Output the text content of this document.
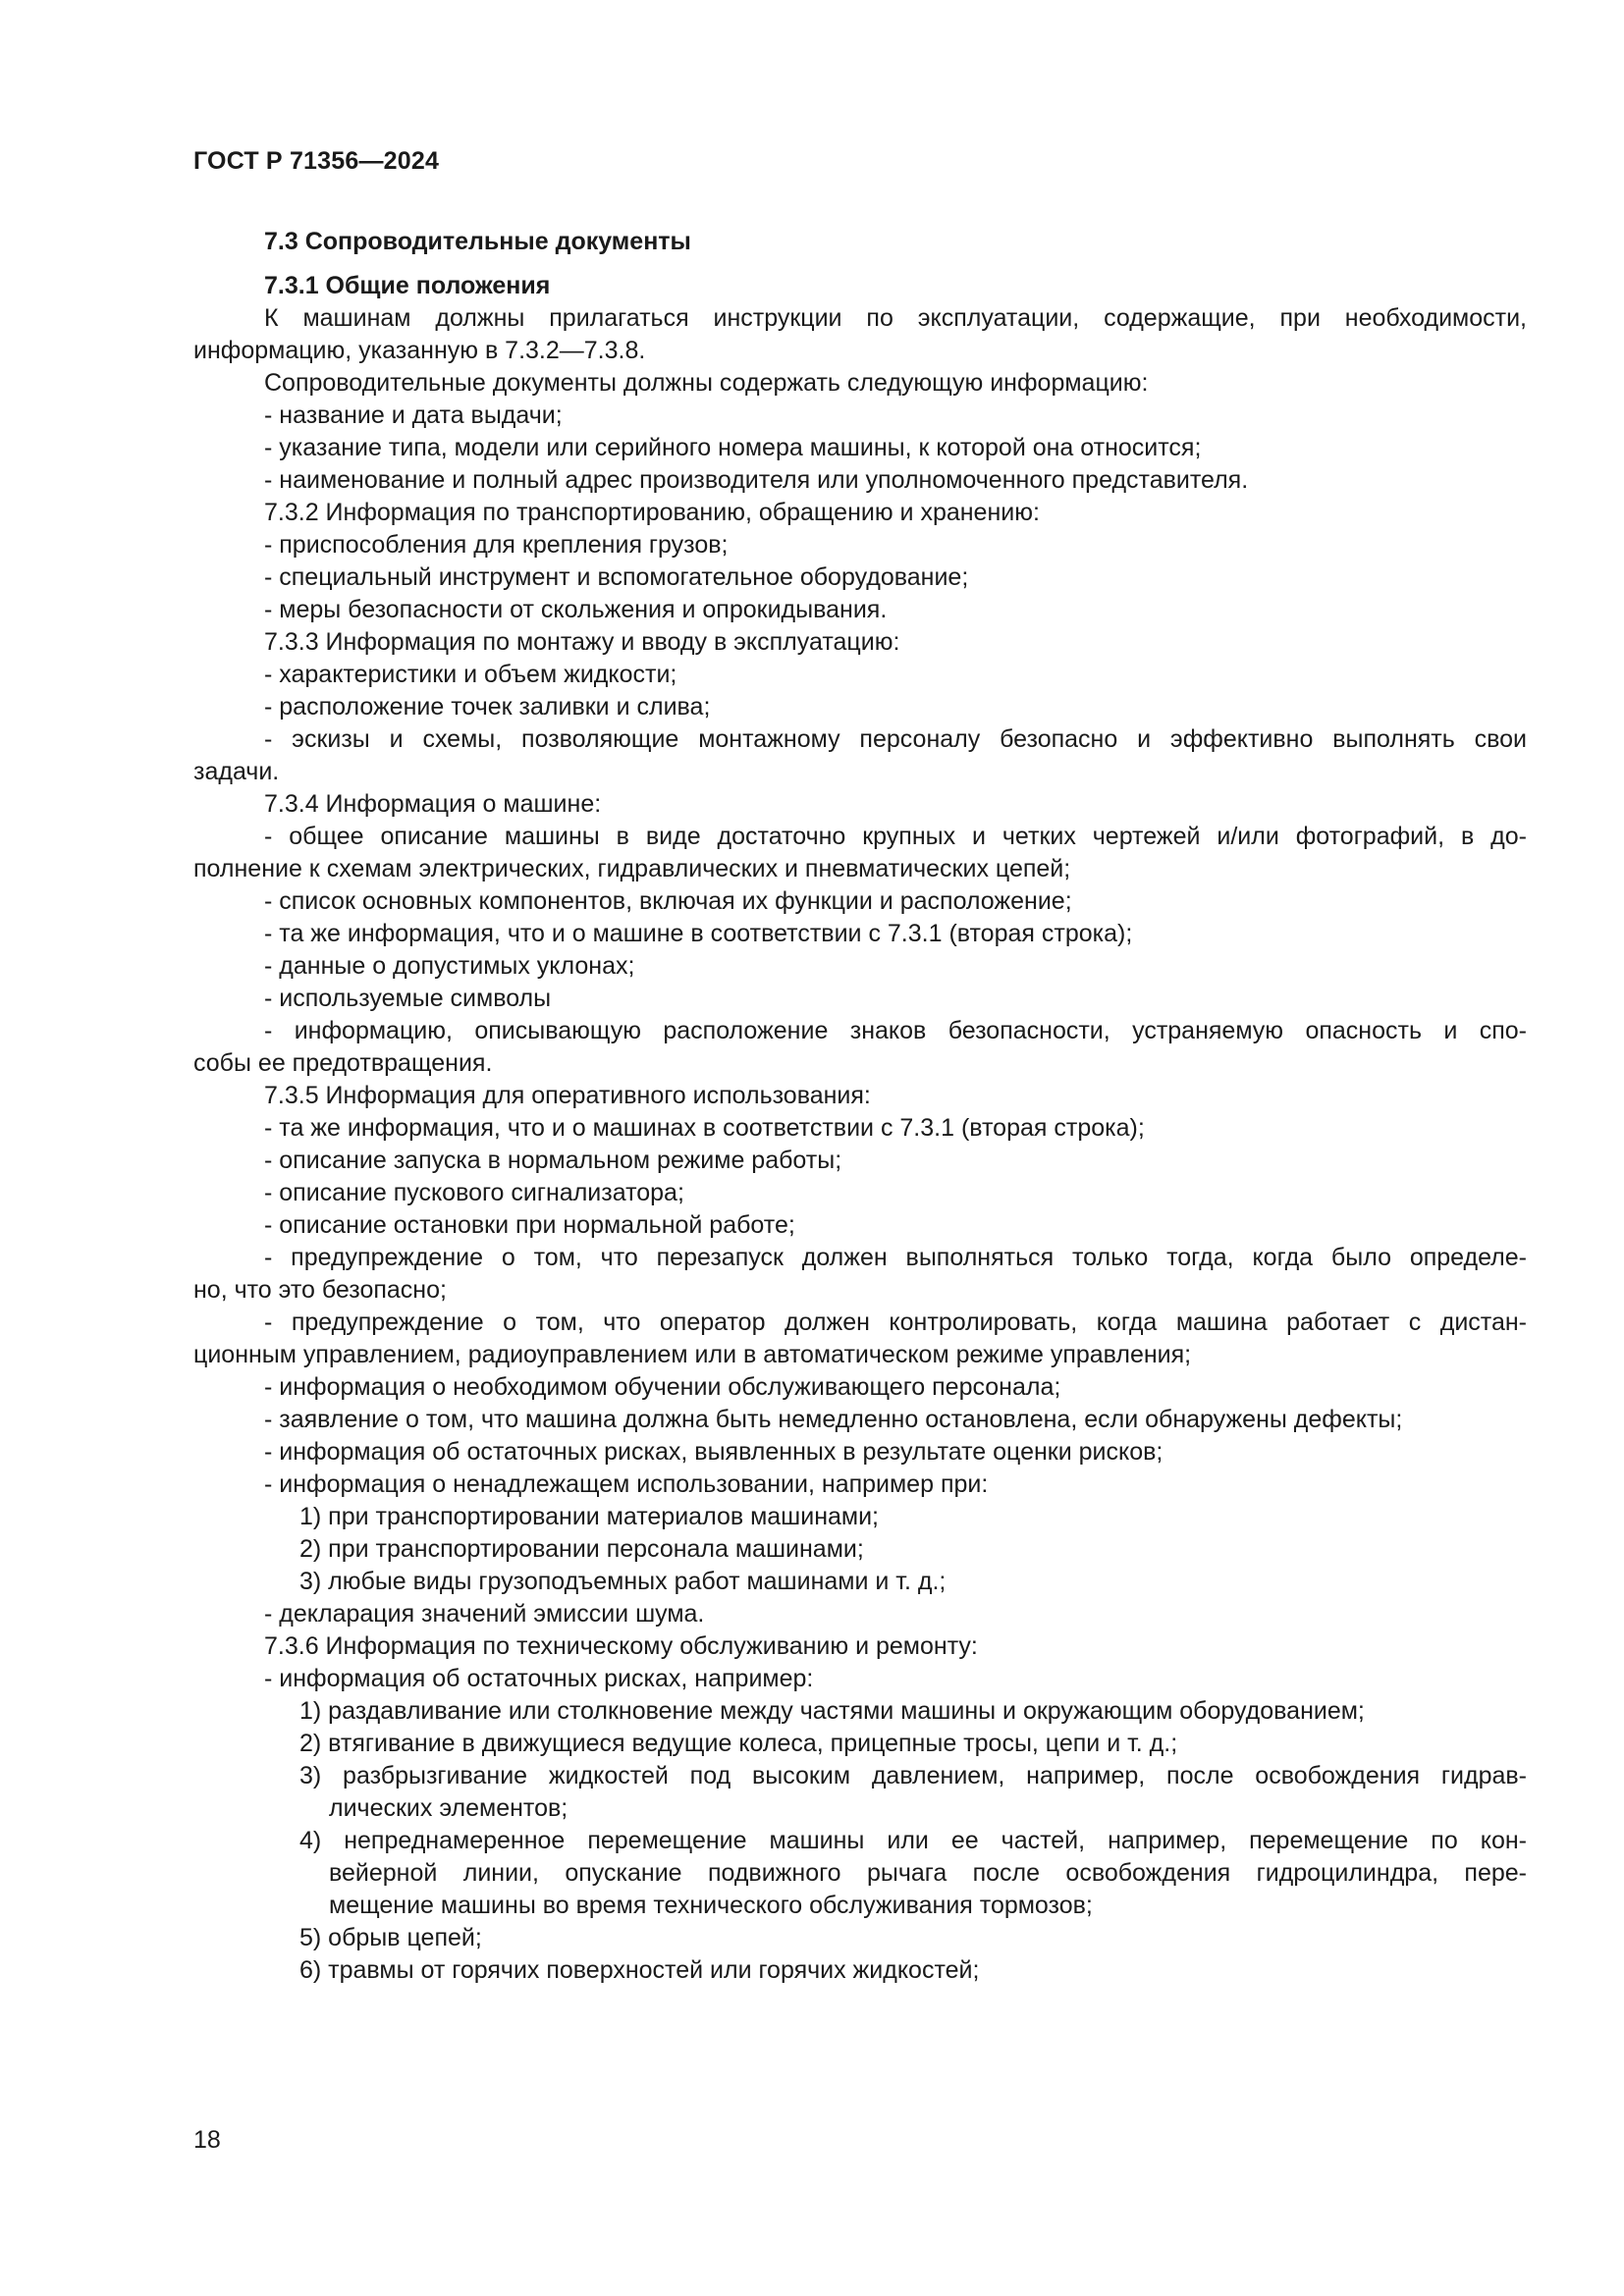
ГОСТ Р 71356—2024
7.3 Сопроводительные документы
7.3.1 Общие положения
К машинам должны прилагаться инструкции по эксплуатации, содержащие, при необходимости,
информацию, указанную в 7.3.2—7.3.8.
Сопроводительные документы должны содержать следующую информацию:
- название и дата выдачи;
- указание типа, модели или серийного номера машины, к которой она относится;
- наименование и полный адрес производителя или уполномоченного представителя.
7.3.2 Информация по транспортированию, обращению и хранению:
- приспособления для крепления грузов;
- специальный инструмент и вспомогательное оборудование;
- меры безопасности от скольжения и опрокидывания.
7.3.3 Информация по монтажу и вводу в эксплуатацию:
- характеристики и объем жидкости;
- расположение точек заливки и слива;
- эскизы и схемы, позволяющие монтажному персоналу безопасно и эффективно выполнять свои
задачи.
7.3.4 Информация о машине:
- общее описание машины в виде достаточно крупных и четких чертежей и/или фотографий, в до-
полнение к схемам электрических, гидравлических и пневматических цепей;
- список основных компонентов, включая их функции и расположение;
- та же информация, что и о машине в соответствии с 7.3.1 (вторая строка);
- данные о допустимых уклонах;
- используемые символы
- информацию, описывающую расположение знаков безопасности, устраняемую опасность и спо-
собы ее предотвращения.
7.3.5 Информация для оперативного использования:
- та же информация, что и о машинах в соответствии с 7.3.1 (вторая строка);
- описание запуска в нормальном режиме работы;
- описание пускового сигнализатора;
- описание остановки при нормальной работе;
- предупреждение о том, что перезапуск должен выполняться только тогда, когда было определе-
но, что это безопасно;
- предупреждение о том, что оператор должен контролировать, когда машина работает с дистан-
ционным управлением, радиоуправлением или в автоматическом режиме управления;
- информация о необходимом обучении обслуживающего персонала;
- заявление о том, что машина должна быть немедленно остановлена, если обнаружены дефекты;
- информация об остаточных рисках, выявленных в результате оценки рисков;
- информация о ненадлежащем использовании, например при:
1) при транспортировании материалов машинами;
2) при транспортировании персонала машинами;
3) любые виды грузоподъемных работ машинами и т. д.;
- декларация значений эмиссии шума.
7.3.6 Информация по техническому обслуживанию и ремонту:
- информация об остаточных рисках, например:
1) раздавливание или столкновение между частями машины и окружающим оборудованием;
2) втягивание в движущиеся ведущие колеса, прицепные тросы, цепи и т. д.;
3) разбрызгивание жидкостей под высоким давлением, например, после освобождения гидрав-
лических элементов;
4) непреднамеренное перемещение машины или ее частей, например, перемещение по кон-
вейерной линии, опускание подвижного рычага после освобождения гидроцилиндра, пере-
мещение машины во время технического обслуживания тормозов;
5) обрыв цепей;
6) травмы от горячих поверхностей или горячих жидкостей;
18
